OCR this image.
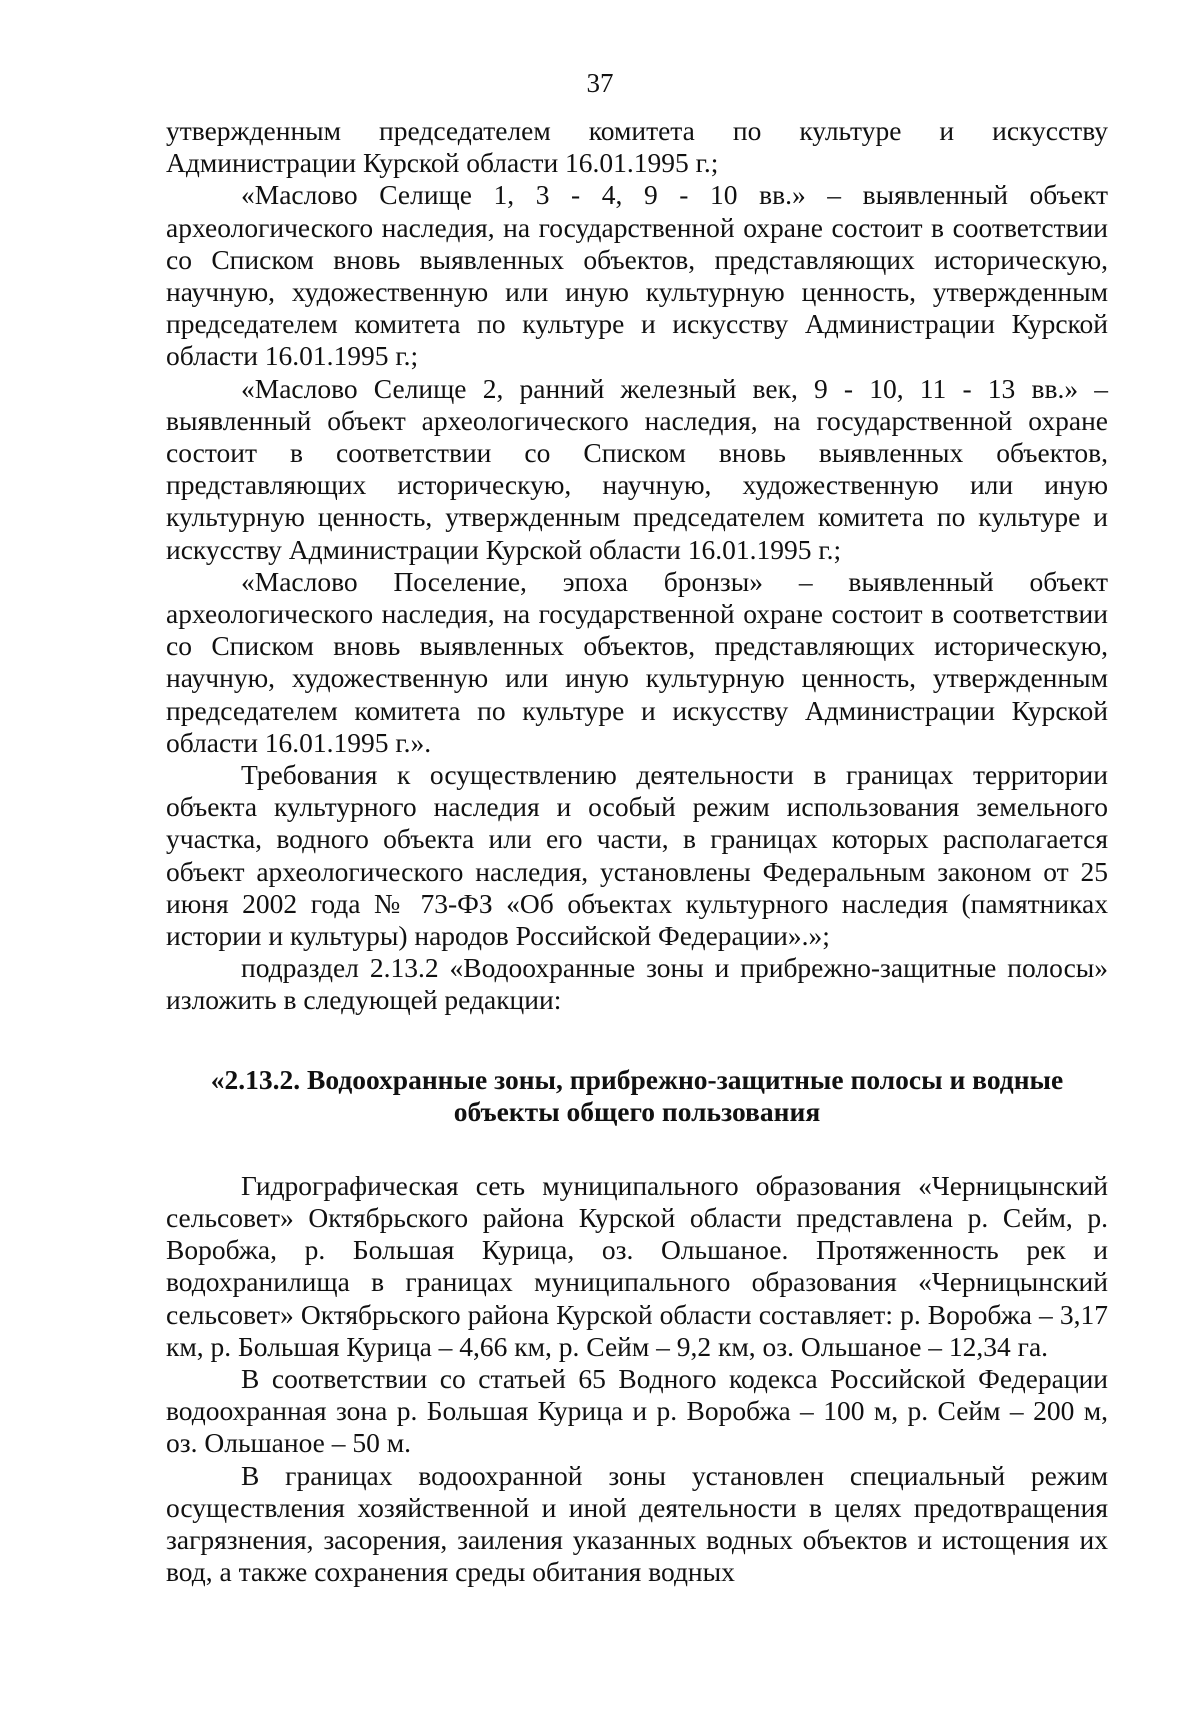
37

утвержденным председателем комитета по культуре и искусству Администрации Курской области 16.01.1995 г.;

«Маслово Селище 1, 3 - 4, 9 - 10 вв.» – выявленный объект археологического наследия, на государственной охране состоит в соответствии со Списком вновь выявленных объектов, представляющих историческую, научную, художественную или иную культурную ценность, утвержденным председателем комитета по культуре и искусству Администрации Курской области 16.01.1995 г.;

«Маслово Селище 2, ранний железный век, 9 - 10, 11 - 13 вв.» – выявленный объект археологического наследия, на государственной охране состоит в соответствии со Списком вновь выявленных объектов, представляющих историческую, научную, художественную или иную культурную ценность, утвержденным председателем комитета по культуре и искусству Администрации Курской области 16.01.1995 г.;

«Маслово Поселение, эпоха бронзы» – выявленный объект археологического наследия, на государственной охране состоит в соответствии со Списком вновь выявленных объектов, представляющих историческую, научную, художественную или иную культурную ценность, утвержденным председателем комитета по культуре и искусству Администрации Курской области 16.01.1995 г.».

Требования к осуществлению деятельности в границах территории объекта культурного наследия и особый режим использования земельного участка, водного объекта или его части, в границах которых располагается объект археологического наследия, установлены Федеральным законом от 25 июня 2002 года № 73-ФЗ «Об объектах культурного наследия (памятниках истории и культуры) народов Российской Федерации».»;

подраздел 2.13.2 «Водоохранные зоны и прибрежно-защитные полосы» изложить в следующей редакции:

«2.13.2. Водоохранные зоны, прибрежно-защитные полосы и водные объекты общего пользования

Гидрографическая сеть муниципального образования «Черницынский сельсовет» Октябрьского района Курской области представлена р. Сейм, р. Воробжа, р. Большая Курица, оз. Ольшаное. Протяженность рек и водохранилища в границах муниципального образования «Черницынский сельсовет» Октябрьского района Курской области составляет: р. Воробжа – 3,17 км, р. Большая Курица – 4,66 км, р. Сейм – 9,2 км, оз. Ольшаное – 12,34 га.

В соответствии со статьей 65 Водного кодекса Российской Федерации водоохранная зона р. Большая Курица и р. Воробжа – 100 м, р. Сейм – 200 м, оз. Ольшаное – 50 м.

В границах водоохранной зоны установлен специальный режим осуществления хозяйственной и иной деятельности в целях предотвращения загрязнения, засорения, заиления указанных водных объектов и истощения их вод, а также сохранения среды обитания водных
